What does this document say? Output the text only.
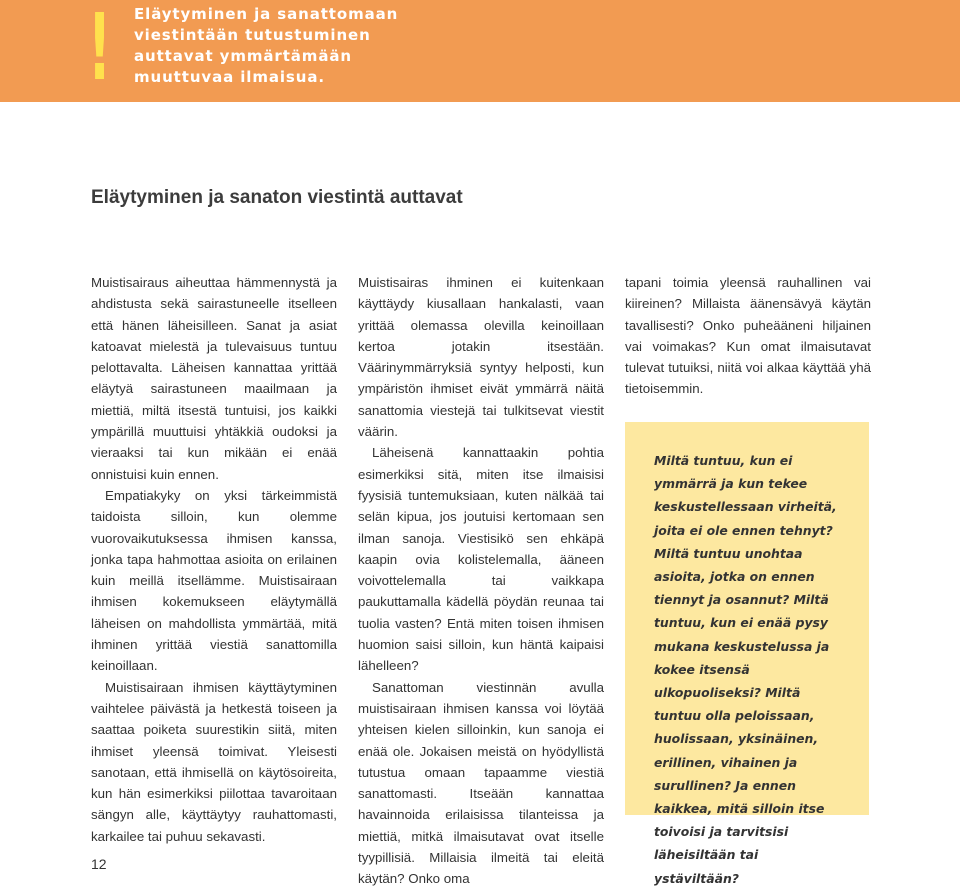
! Eläytyminen ja sanattomaan
viestintään tutustuminen
auttavat ymmärtämään
muuttuvaa ilmaisua.
Eläytyminen ja sanaton viestintä auttavat

Muistisairaus aiheuttaa hämmennystä ja ahdistusta sekä sairastuneelle itselleen että hänen läheisilleen. Sanat ja asiat katoavat mielestä ja tulevaisuus tuntuu pelottavalta. Läheisen kannattaa yrittää eläytyä sairastuneen maailmaan ja miettiä, miltä itsestä tuntuisi, jos kaikki ympärillä muuttuisi yhtäkkiä oudoksi ja vieraaksi tai kun mikään ei enää onnistuisi kuin ennen.

Empatiakyky on yksi tärkeimmistä taidoista silloin, kun olemme vuorovaikutuksessa ihmisen kanssa, jonka tapa hahmottaa asioita on erilainen kuin meillä itsellämme. Muistisairaan ihmisen kokemukseen eläytymällä läheisen on mahdollista ymmärtää, mitä ihminen yrittää viestiä sanattomilla keinoillaan.

Muistisairaan ihmisen käyttäytyminen vaihtelee päivästä ja hetkestä toiseen ja saattaa poiketa suurestikin siitä, miten ihmiset yleensä toimivat. Yleisesti sanotaan, että ihmisellä on käytösoireita, kun hän esimerkiksi piilottaa tavaroitaan sängyn alle, käyttäytyy rauhattomasti, karkailee tai puhuu sekavasti.

Muistisairas ihminen ei kuitenkaan käyttäydy kiusallaan hankalasti, vaan yrittää olemassa olevilla keinoillaan kertoa jotakin itsestään. Väärinymmärryksiä syntyy helposti, kun ympäristön ihmiset eivät ymmärrä näitä sanattomia viestejä tai tulkitsevat viestit väärin.

Läheisenä kannattaakin pohtia esimerkiksi sitä, miten itse ilmaisisi fyysisiä tuntemuksiaan, kuten nälkää tai selän kipua, jos joutuisi kertomaan sen ilman sanoja. Viestisikö sen ehkäpä kaapin ovia kolistelemalla, ääneen voivottelemalla tai vaikkapa paukuttamalla kädellä pöydän reunaa tai tuolia vasten? Entä miten toisen ihmisen huomion saisi silloin, kun häntä kaipaisi lähelleen?

Sanattoman viestinnän avulla muistisairaan ihmisen kanssa voi löytää yhteisen kielen silloinkin, kun sanoja ei enää ole. Jokaisen meistä on hyödyllistä tutustua omaan tapaamme viestiä sanattomasti. Itseään kannattaa havainnoida erilaisissa tilanteissa ja miettiä, mitkä ilmaisutavat ovat itselle tyypillisiä. Millaisia ilmeitä tai eleitä käytän? Onko oma

tapani toimia yleensä rauhallinen vai kiireinen? Millaista äänensävyä käytän tavallisesti? Onko puheääneni hiljainen vai voimakas? Kun omat ilmaisutavat tulevat tutuiksi, niitä voi alkaa käyttää yhä tietoisemmin.

Miltä tuntuu, kun ei ymmärrä ja kun tekee keskustellessaan virheitä, joita ei ole ennen tehnyt? Miltä tuntuu unohtaa asioita, jotka on ennen tiennyt ja osannut? Miltä tuntuu, kun ei enää pysy mukana keskustelussa ja kokee itsensä ulkopuoliseksi? Miltä tuntuu olla peloissaan, huolissaan, yksinäinen, erillinen, vihainen ja surullinen? Ja ennen kaikkea, mitä silloin itse toivoisi ja tarvitsisi läheisiltään tai ystäviltään?

12
